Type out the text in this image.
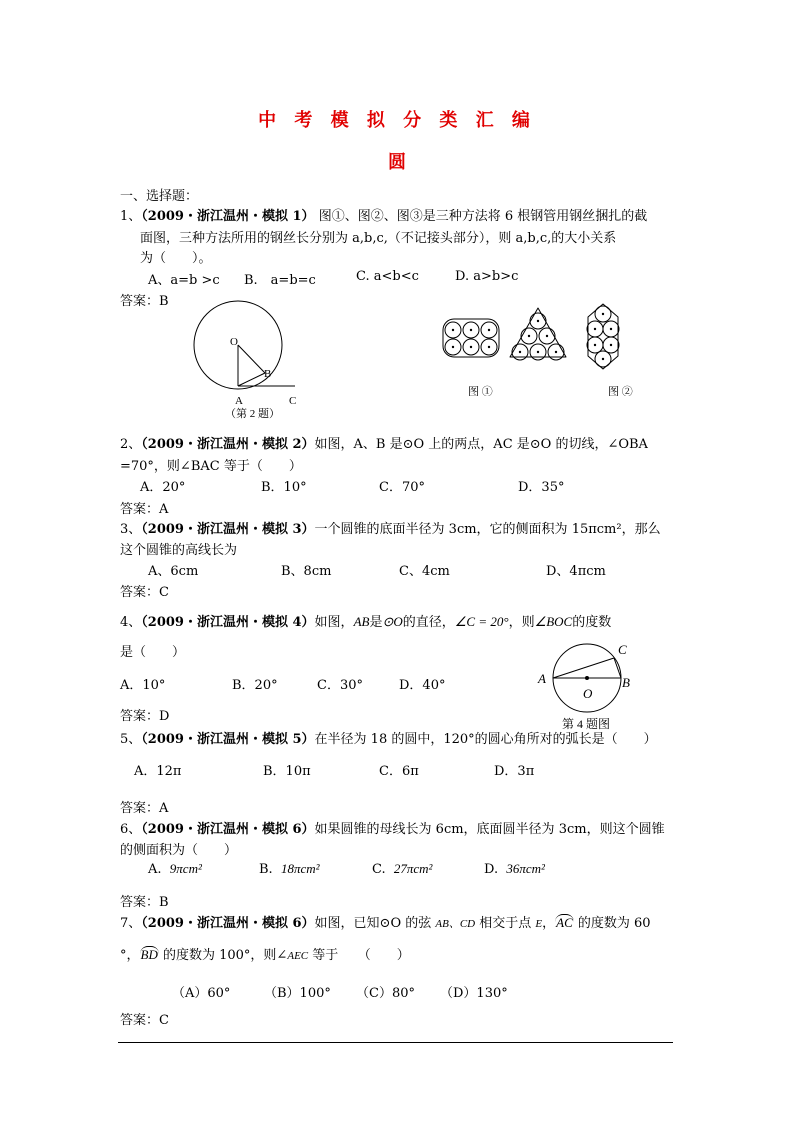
中 考 模 拟 分 类 汇 编
圆
一、选择题：
1、（2009・浙江温州・模拟 1） 图①、图②、图③是三种方法将 6 根钢管用钢丝捆扎的截
面图，三种方法所用的钢丝长分别为 a,b,c,（不记接头部分），则 a,b,c,的大小关系
为（　　）。
A、a=b >c B.　a=b=c	C. a<b<c	D. a>b>c
答案：B
O
B
A	C
（第 2 题）
图 ①	图 ②
2、（2009・浙江温州・模拟 2）如图，A、B 是⊙O 上的两点，AC 是⊙O 的切线，∠OBA
=70°，则∠BAC 等于（　　）
A．20°	B．10°	C．70°	D．35°
答案：A
3、（2009・浙江温州・模拟 3）一个圆锥的底面半径为 3cm，它的侧面积为 15πcm²，那么
这个圆锥的高线长为
A、6cm	B、8cm	C、4cm	D、4πcm
答案：C
4、（2009・浙江温州・模拟 4）如图，AB是⊙O的直径，∠C = 20°，则∠BOC的度数
是（　　）
A．10°	B．20°	C．30°	D．40°
答案：D
A	B
C
O
第 4 题图
5、（2009・浙江温州・模拟 5）在半径为 18 的圆中，120°的圆心角所对的弧长是（　　）
A．12π	B．10π	C．6π	D．3π
答案：A
6、（2009・浙江温州・模拟 6）如果圆锥的母线长为 6cm，底面圆半径为 3cm，则这个圆锥
的侧面积为（　　）
A. 9πcm²	B. 18πcm²	C. 27πcm²	D. 36πcm²
答案：B
7、（2009・浙江温州・模拟 6）如图，已知⊙O 的弦 AB、CD 相交于点 E，AC 的度数为 60
°，BD 的度数为 100°，则∠AEC 等于　　（　　）
（A）60°	（B）100° （C）80° （D）130°
答案：C
